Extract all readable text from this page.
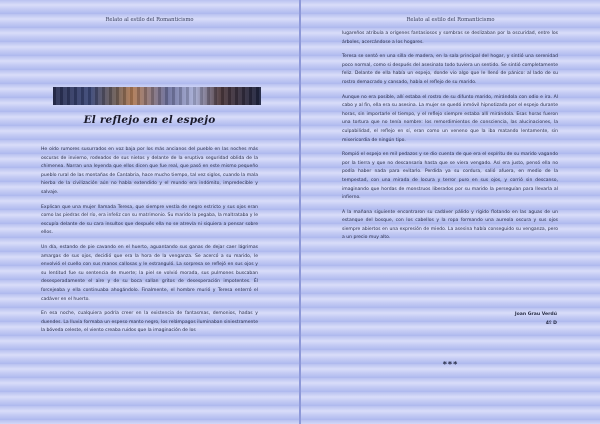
Relato al estilo del Romanticismo
El reflejo en el espejo

He oído rumores susurrados en voz baja por los más ancianos del pueblo en las noches más oscuras de invierno, rodeados de sus nietos y delante de la eruptiva seguridad oblida de la chimenea. Narran una leyenda que ellos dicen que fue real, que pasó en este mismo pequeño pueblo rural de las montañas de Cantabria, hace mucho tiempo, tal vez siglos, cuando la mala hierba de la civilización aún no había extendido y el mundo era indómito, impredecible y salvaje.

Explican que una mujer llamada Teresa, que siempre vestía de negro estricto y sus ojos eran como las piedras del río, era infeliz con su matrimonio. Su marido la pegaba, la maltrataba y le escupía delante de su cara insultos que después ella no se atrevía ni siquiera a pensar sobre ellos.

Un día, estando de pie cavando en el huerto, aguantando sus ganas de dejar caer lágrimas amargas de sus ojos, decidió que era la hora de la venganza. Se acercó a su marido, le envolvió el cuello con sus manos callosas y le estranguló. La sorpresa se reflejó en sus ojos y su lentitud fue su sentencia de muerte; la piel se volvió morada, sus pulmones buscaban desesperadamente el aire y de su boca salían gritos de desesperación impotentes. Él forcejeaba y ella continuaba ahogándolo. Finalmente, el hombre murió y Teresa enterró el cadáver en el huerto.

En esa noche, cualquiera podría creer en la existencia de fantasmas, demonios, hadas y duendes. La lluvia formaba un espeso manto negro, los relámpagos iluminaban siniestramente la bóveda celeste, el viento creaba ruidos que la imaginación de los

Relato al estilo del Romanticismo

lugareños atribuía a orígenes fantasiosos y sombras se deslizaban por la oscuridad, entre los árboles, acercándose a los hogares.

Teresa se sentó en una silla de madera, en la sala principal del hogar, y sintió una serenidad poco normal, como si después del asesinato todo tuviera un sentido. Se sintió completamente feliz. Delante de ella había un espejo, donde vio algo que le llenó de pánico: al lado de su rostro demacrado y cansado, había el reflejo de su marido.

Aunque no era posible, allí estaba el rostro de su difunto marido, mirándola con odio e ira. Al cabo y al fin, ella era su asesina. La mujer se quedó inmóvil hipnotizada por el espejo durante horas, sin importarle el tiempo, y el reflejo siempre estaba allí mirándola. Esas horas fueron una tortura que no tenía nombre: los remordimientos de consciencia, las alucinaciones, la culpabilidad, el reflejo en sí, eran como un veneno que la iba matando lentamente, sin misericordia de ningún tipo.

Rompió el espejo en mil pedazos y se dio cuenta de que era el espíritu de su marido vagando por la tierra y que no descansaría hasta que se viera vengado. Así era justo, pensó ella no podía haber nada para evitarlo. Perdida ya su cordura, salió afuera, en medio de la tempestad, con una mirada de locura y terror puro en sus ojos, y corrió sin descanso, imaginando que hordas de monstruos liberados por su marido la perseguían para llevarla al infierno.

A la mañana siguiente encontraron su cadáver pálido y rígido flotando en las aguas de un estanque del bosque, con los cabellos y la ropa formando una aureola oscura y sus ojos siempre abiertos en una expresión de miedo. La asesina había conseguido su venganza, pero a un precio muy alto.

Joan Grau Verdú
4º D
***
